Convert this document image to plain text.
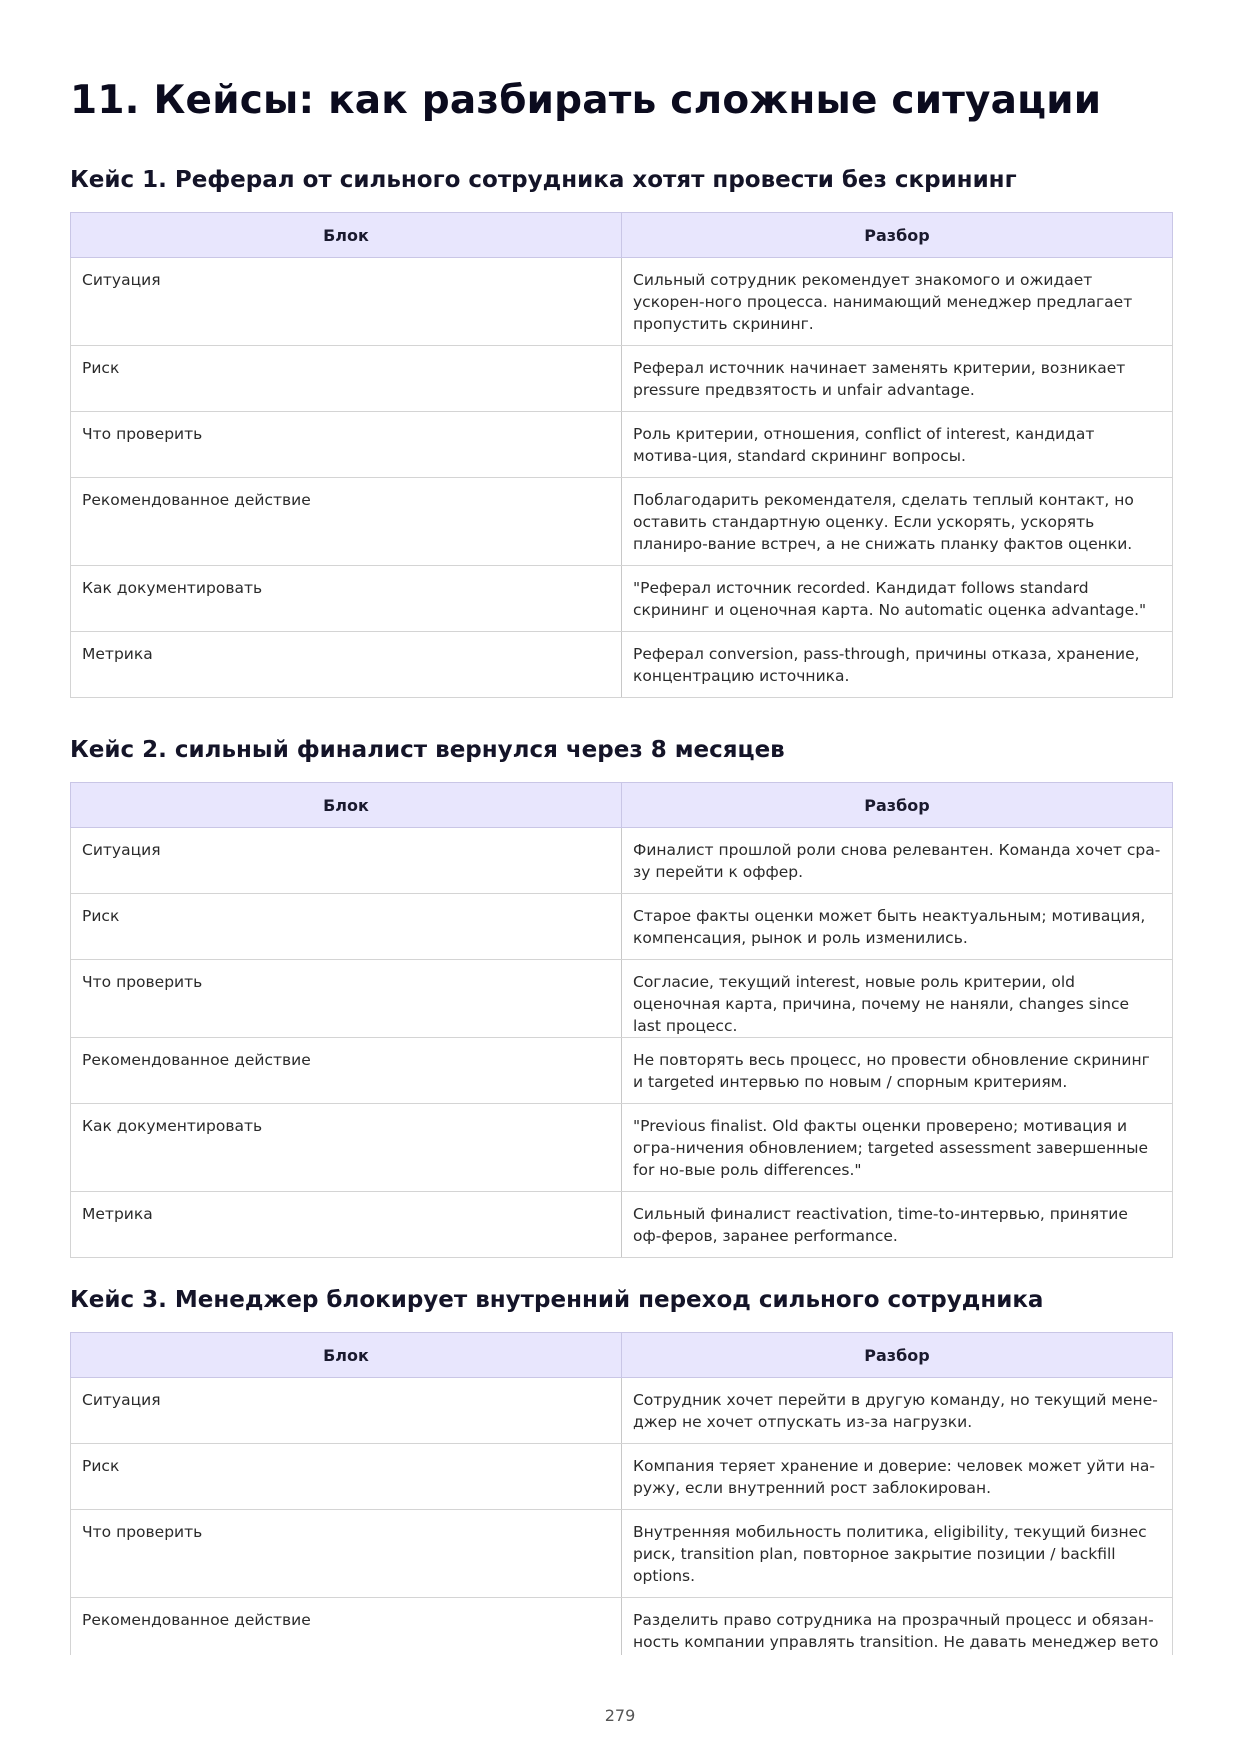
11. Кейсы: как разбирать сложные ситуации
Кейс 1. Реферал от сильного сотрудника хотят провести без скрининг
Блок	Разбор
Ситуация	Сильный сотрудник рекомендует знакомого и ожидает ускорен-ного процесса. нанимающий менеджер предлагает пропустить скрининг.
Риск	Реферал источник начинает заменять критерии, возникает pressure предвзятость и unfair advantage.
Что проверить	Роль критерии, отношения, conflict of interest, кандидат мотива-ция, standard скрининг вопросы.
Рекомендованное действие	Поблагодарить рекомендателя, сделать теплый контакт, но оставить стандартную оценку. Если ускорять, ускорять планиро-вание встреч, а не снижать планку фактов оценки.
Как документировать	"Реферал источник recorded. Кандидат follows standard скрининг и оценочная карта. No automatic оценка advantage."
Метрика	Реферал conversion, pass-through, причины отказа, хранение, концентрацию источника.
Кейс 2. сильный финалист вернулся через 8 месяцев
Блок	Разбор
Ситуация	Финалист прошлой роли снова релевантен. Команда хочет сра-зу перейти к оффер.
Риск	Старое факты оценки может быть неактуальным; мотивация, компенсация, рынок и роль изменились.
Что проверить	Согласие, текущий interest, новые роль критерии, old оценочная карта, причина, почему не наняли, changes since last процесс.
Рекомендованное действие	Не повторять весь процесс, но провести обновление скрининг и targeted интервью по новым / спорным критериям.
Как документировать	"Previous finalist. Old факты оценки проверено; мотивация и огра-ничения обновлением; targeted assessment завершенные for но-вые роль differences."
Метрика	Сильный финалист reactivation, time-to-интервью, принятие оф-феров, заранее performance.
Кейс 3. Менеджер блокирует внутренний переход сильного сотрудника
Блок	Разбор
Ситуация	Сотрудник хочет перейти в другую команду, но текущий мене-джер не хочет отпускать из-за нагрузки.
Риск	Компания теряет хранение и доверие: человек может уйти на-ружу, если внутренний рост заблокирован.
Что проверить	Внутренняя мобильность политика, eligibility, текущий бизнес риск, transition plan, повторное закрытие позиции / backfill options.
Рекомендованное действие	Разделить право сотрудника на прозрачный процесс и обязан-ность компании управлять transition. Не давать менеджер вето
279
